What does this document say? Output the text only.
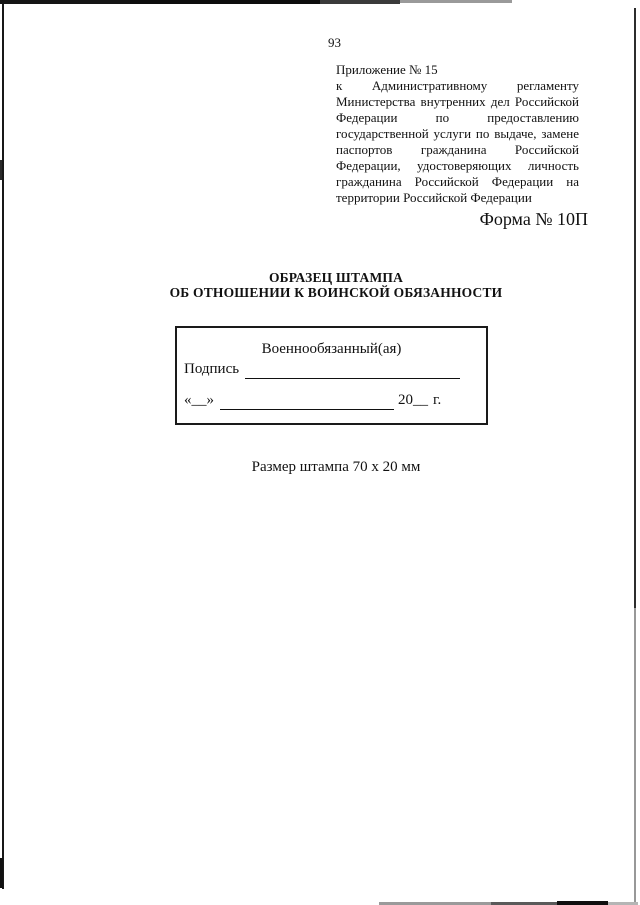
93
Приложение № 15
к Административному регламенту
Министерства внутренних дел Российской
Федерации по предоставлению
государственной услуги по выдаче, замене
паспортов гражданина Российской
Федерации, удостоверяющих личность
гражданина Российской Федерации на
территории Российской Федерации
Форма № 10П
ОБРАЗЕЦ ШТАМПА
ОБ ОТНОШЕНИИ К ВОИНСКОЙ ОБЯЗАННОСТИ
Военнообязанный(ая)
Подпись
«__»	20__ г.
Размер штампа 70 x 20 мм
